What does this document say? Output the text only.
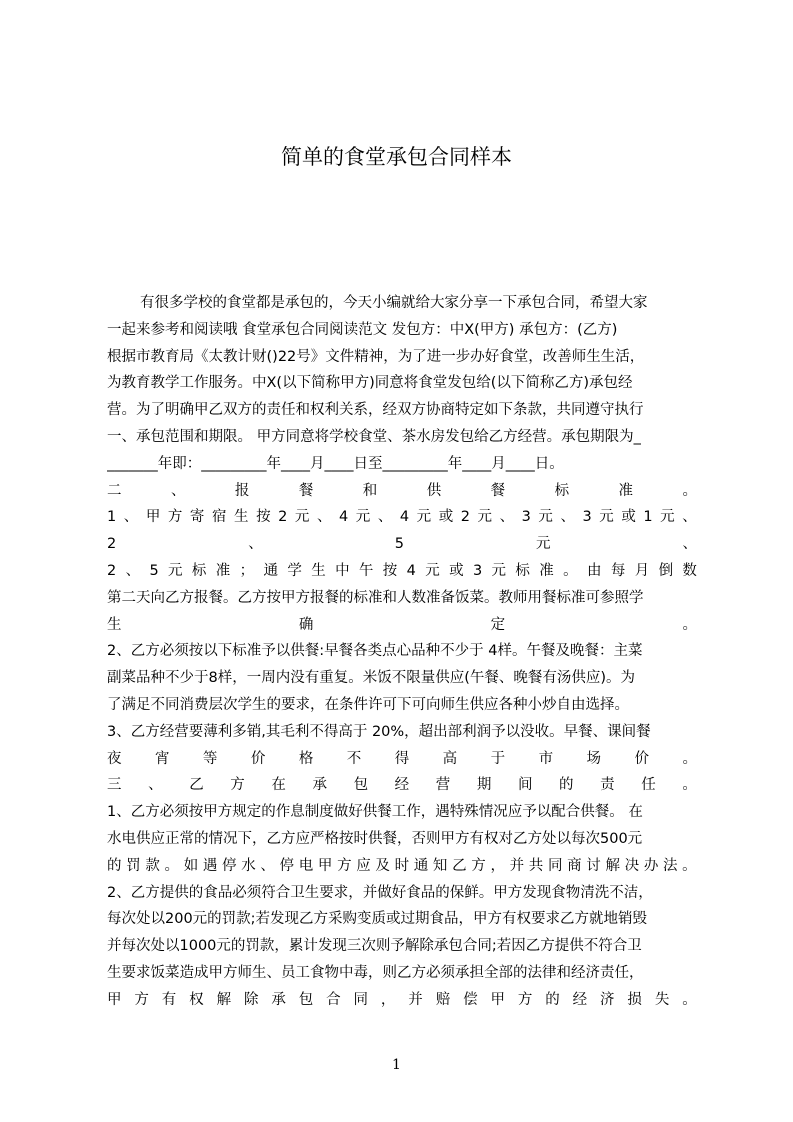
简单的食堂承包合同样本
有很多学校的食堂都是承包的，今天小编就给大家分享一下承包合同，希望大家
一起来参考和阅读哦 食堂承包合同阅读范文 发包方：中X(甲方) 承包方：(乙方)
根据市教育局《太教计财()22号》文件精神，为了进一步办好食堂，改善师生生活，
为教育教学工作服务。中X(以下简称甲方)同意将食堂发包给(以下简称乙方)承包经
营。为了明确甲乙双方的责任和权利关系，经双方协商特定如下条款，共同遵守执行
一、承包范围和期限。 甲方同意将学校食堂、茶水房发包给乙方经营。承包期限为_
_______年即：_________年____月____日至_________年____月____日。
二	、	报	餐	和	供	餐	标	准	。
1 、 甲 方 寄 宿 生 按 2 元 、 4 元 、 4 元 或 2 元 、 3 元 、 3 元 或 1 元 、
2	、	5	元	、
2 、 5 元 标 准 ； 通 学 生 中 午 按 4 元 或 3 元 标 准 。 由 每 月 倒 数
第二天向乙方报餐。乙方按甲方报餐的标准和人数准备饭菜。教师用餐标准可参照学
生	确	定	。
2、乙方必须按以下标准予以供餐:早餐各类点心品种不少于 4样。午餐及晚餐：主菜
副菜品种不少于8样，一周内没有重复。米饭不限量供应(午餐、晚餐有汤供应)。为
了满足不同消费层次学生的要求，在条件许可下可向师生供应各种小炒自由选择。
3、乙方经营要薄利多销,其毛利不得高于 20%，超出部利润予以没收。早餐、课间餐
夜 宵 等 价 格 不 得 高 于 市 场 价 。
三 、 乙 方 在 承 包 经 营 期 间 的 责 任 。
1、乙方必须按甲方规定的作息制度做好供餐工作，遇特殊情况应予以配合供餐。 在
水电供应正常的情况下，乙方应严格按时供餐，否则甲方有权对乙方处以每次500元
的 罚 款 。 如 遇 停 水 、 停 电 甲 方 应 及 时 通 知 乙 方 ， 并 共 同 商 讨 解 决 办 法 。
2、乙方提供的食品必须符合卫生要求，并做好食品的保鲜。甲方发现食物清洗不洁，
每次处以200元的罚款;若发现乙方采购变质或过期食品，甲方有权要求乙方就地销毁
并每次处以1000元的罚款，累计发现三次则予解除承包合同;若因乙方提供不符合卫
生要求饭菜造成甲方师生、员工食物中毒，则乙方必须承担全部的法律和经济责任，
甲 方 有 权 解 除 承 包 合 同 ， 并 赔 偿 甲 方 的 经 济 损 失 。
1
